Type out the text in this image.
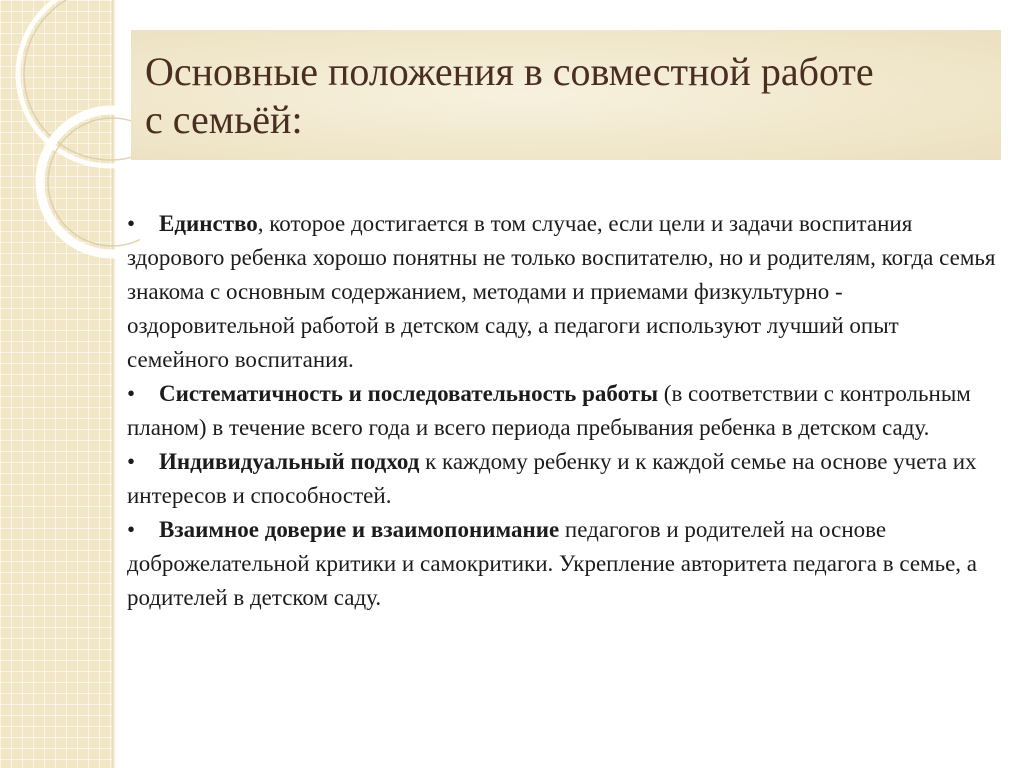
Основные положения в совместной работе
с семьёй:

• Единство, которое достигается в том случае, если цели и задачи воспитания здорового ребенка хорошо понятны не только воспитателю, но и родителям, когда семья знакома с основным содержанием, методами и приемами физкультурно - оздоровительной работой в детском саду, а педагоги используют лучший опыт семейного воспитания.

• Систематичность и последовательность работы (в соответствии с контрольным планом) в течение всего года и всего периода пребывания ребенка в детском саду.

• Индивидуальный подход к каждому ребенку и к каждой семье на основе учета их интересов и способностей.

• Взаимное доверие и взаимопонимание педагогов и родителей на основе доброжелательной критики и самокритики. Укрепление авторитета педагога в семье, а родителей в детском саду.
